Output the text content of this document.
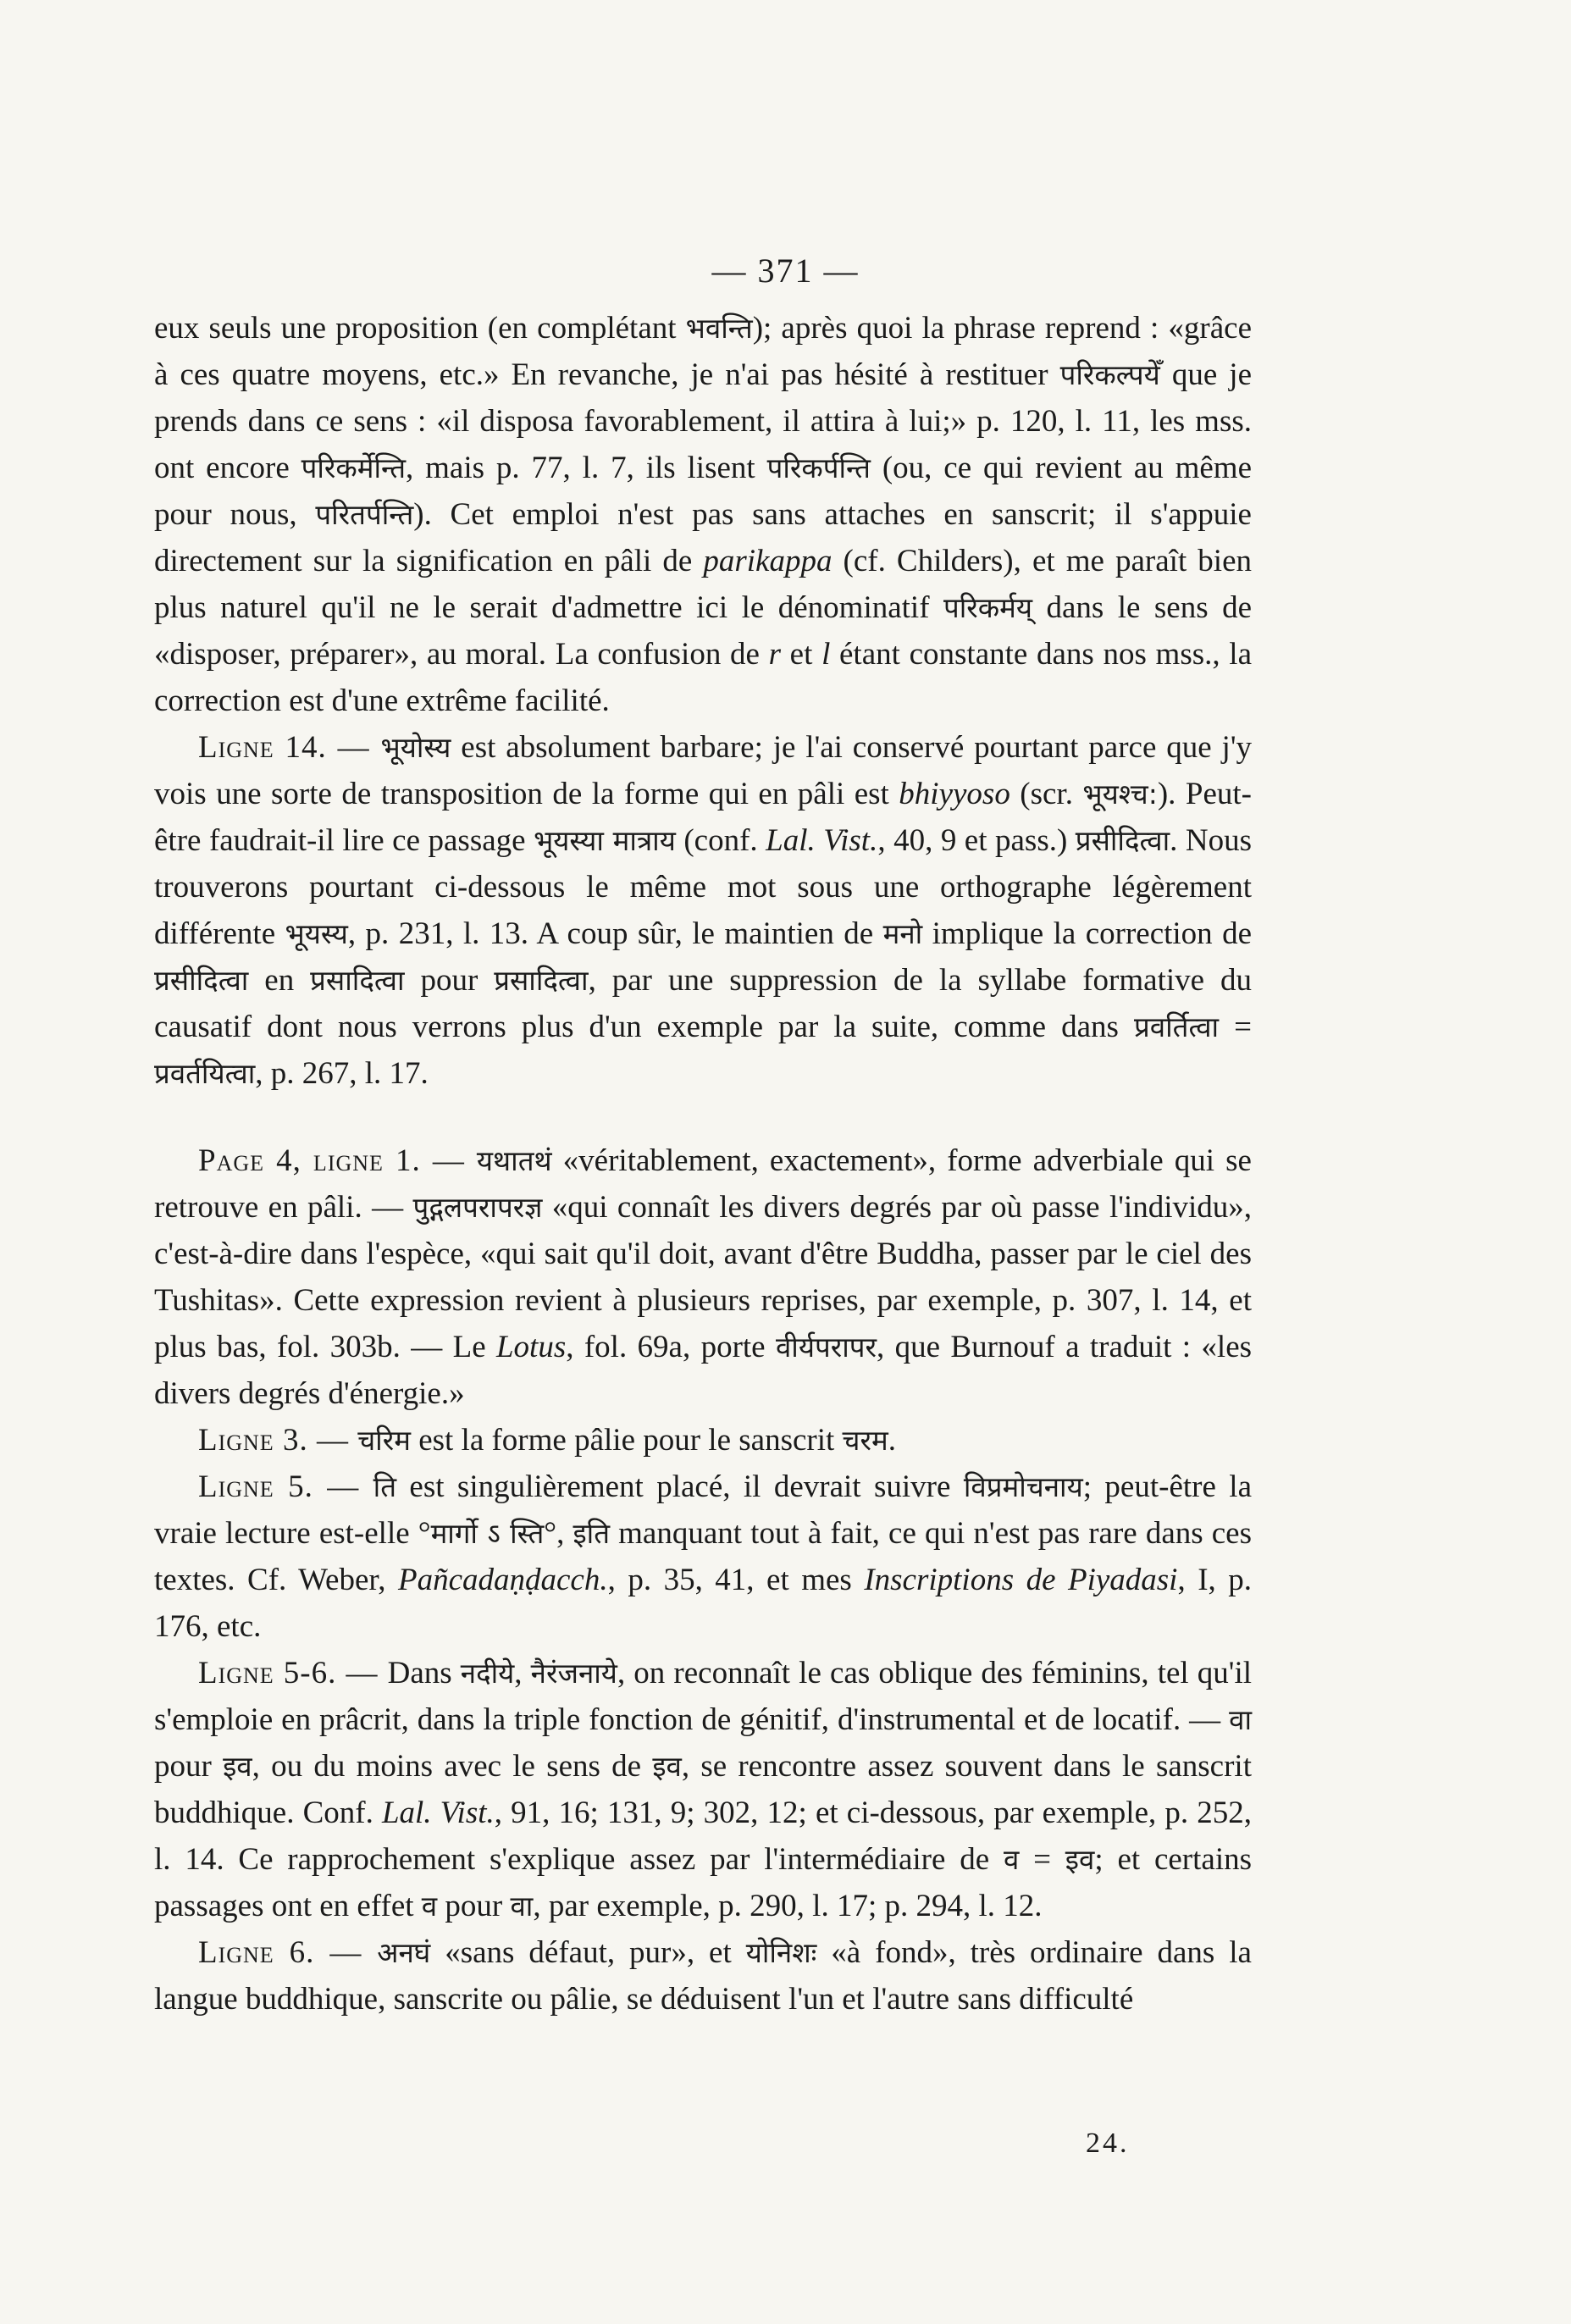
— 371 —

eux seuls une proposition (en complétant भवन्ति); après quoi la phrase reprend : «grâce à ces quatre moyens, etc.» En revanche, je n'ai pas hésité à restituer परिकल्पयेँ que je prends dans ce sens : «il disposa favorablement, il attira à lui;» p. 120, l. 11, les mss. ont encore परिकर्मेन्ति, mais p. 77, l. 7, ils lisent परिकर्पन्ति (ou, ce qui revient au même pour nous, परितर्पन्ति). Cet emploi n'est pas sans attaches en sanscrit; il s'appuie directement sur la signification en pâli de parikappa (cf. Childers), et me paraît bien plus naturel qu'il ne le serait d'admettre ici le dénominatif परिकर्मय् dans le sens de «disposer, préparer», au moral. La confusion de r et l étant constante dans nos mss., la correction est d'une extrême facilité.

Ligne 14. — भूयोस्य est absolument barbare; je l'ai conservé pourtant parce que j'y vois une sorte de transposition de la forme qui en pâli est bhiyyoso (scr. भूयश्च:). Peut-être faudrait-il lire ce passage भूयस्या मात्राय (conf. Lal. Vist., 40, 9 et pass.) प्रसीदित्वा. Nous trouverons pourtant ci-dessous le même mot sous une orthographe légèrement différente भूयस्य, p. 231, l. 13. A coup sûr, le maintien de मनो implique la correction de प्रसीदित्वा en प्रसादित्वा pour प्रसादित्वा, par une suppression de la syllabe formative du causatif dont nous verrons plus d'un exemple par la suite, comme dans प्रवर्तित्वा = प्रवर्तयित्वा, p. 267, l. 17.

Page 4, ligne 1. — यथातथं «véritablement, exactement», forme adverbiale qui se retrouve en pâli. — पुद्गलपरापरज्ञ «qui connaît les divers degrés par où passe l'individu», c'est-à-dire dans l'espèce, «qui sait qu'il doit, avant d'être Buddha, passer par le ciel des Tushitas». Cette expression revient à plusieurs reprises, par exemple, p. 307, l. 14, et plus bas, fol. 303b. — Le Lotus, fol. 69a, porte वीर्यपरापर, que Burnouf a traduit : «les divers degrés d'énergie.»

Ligne 3. — चरिम est la forme pâlie pour le sanscrit चरम.

Ligne 5. — ति est singulièrement placé, il devrait suivre विप्रमोचनाय; peut-être la vraie lecture est-elle °मार्गो ऽ स्ति°, इति manquant tout à fait, ce qui n'est pas rare dans ces textes. Cf. Weber, Pañcadaṇḍacch., p. 35, 41, et mes Inscriptions de Piyadasi, I, p. 176, etc.

Ligne 5-6. — Dans नदीये, नैरंजनाये, on reconnaît le cas oblique des féminins, tel qu'il s'emploie en prâcrit, dans la triple fonction de génitif, d'instrumental et de locatif. — वा pour इव, ou du moins avec le sens de इव, se rencontre assez souvent dans le sanscrit buddhique. Conf. Lal. Vist., 91, 16; 131, 9; 302, 12; et ci-dessous, par exemple, p. 252, l. 14. Ce rapprochement s'explique assez par l'intermédiaire de व = इव; et certains passages ont en effet व pour वा, par exemple, p. 290, l. 17; p. 294, l. 12.

Ligne 6. — अनघं «sans défaut, pur», et योनिशः «à fond», très ordinaire dans la langue buddhique, sanscrite ou pâlie, se déduisent l'un et l'autre sans difficulté

24.
